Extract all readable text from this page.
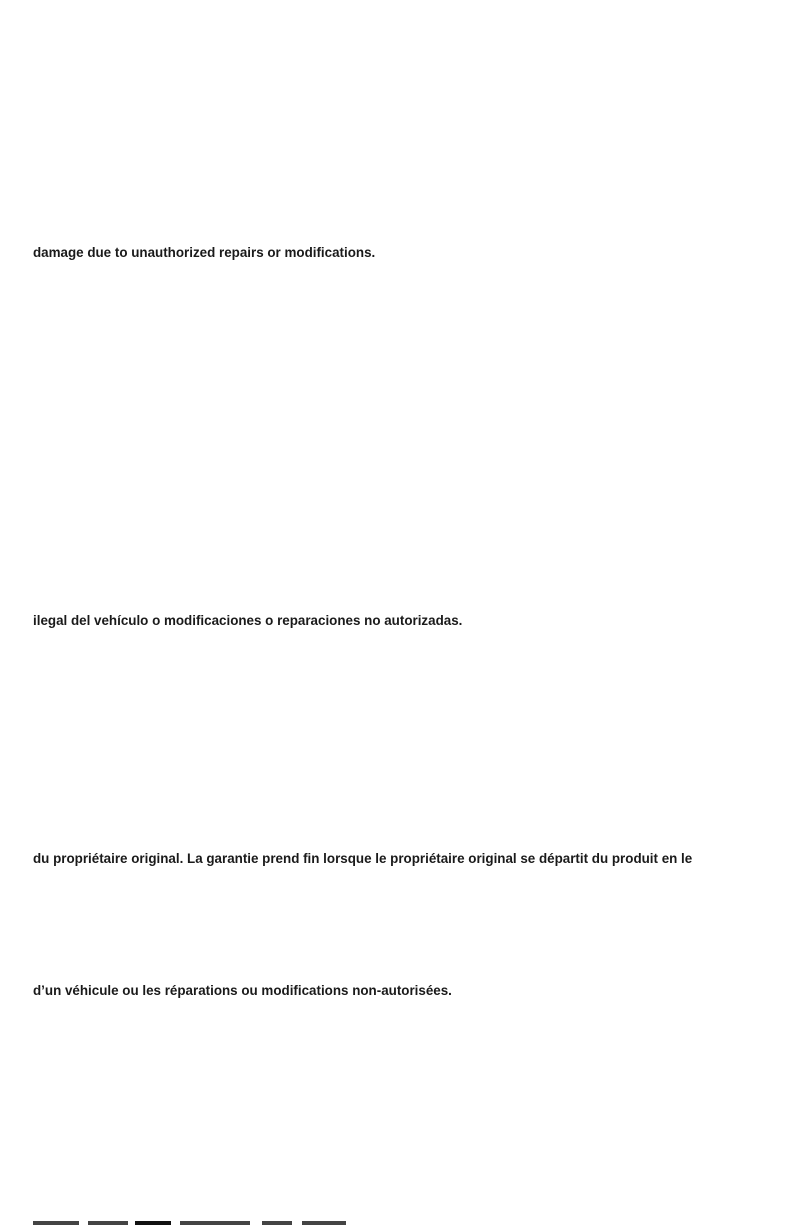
damage due to unauthorized repairs or modifications.
ilegal del vehículo o modificaciones o reparaciones no autorizadas.
du propriétaire original. La garantie prend fin lorsque le propriétaire original se départit du produit en le
d’un véhicule ou les réparations ou modifications non-autorisées.
